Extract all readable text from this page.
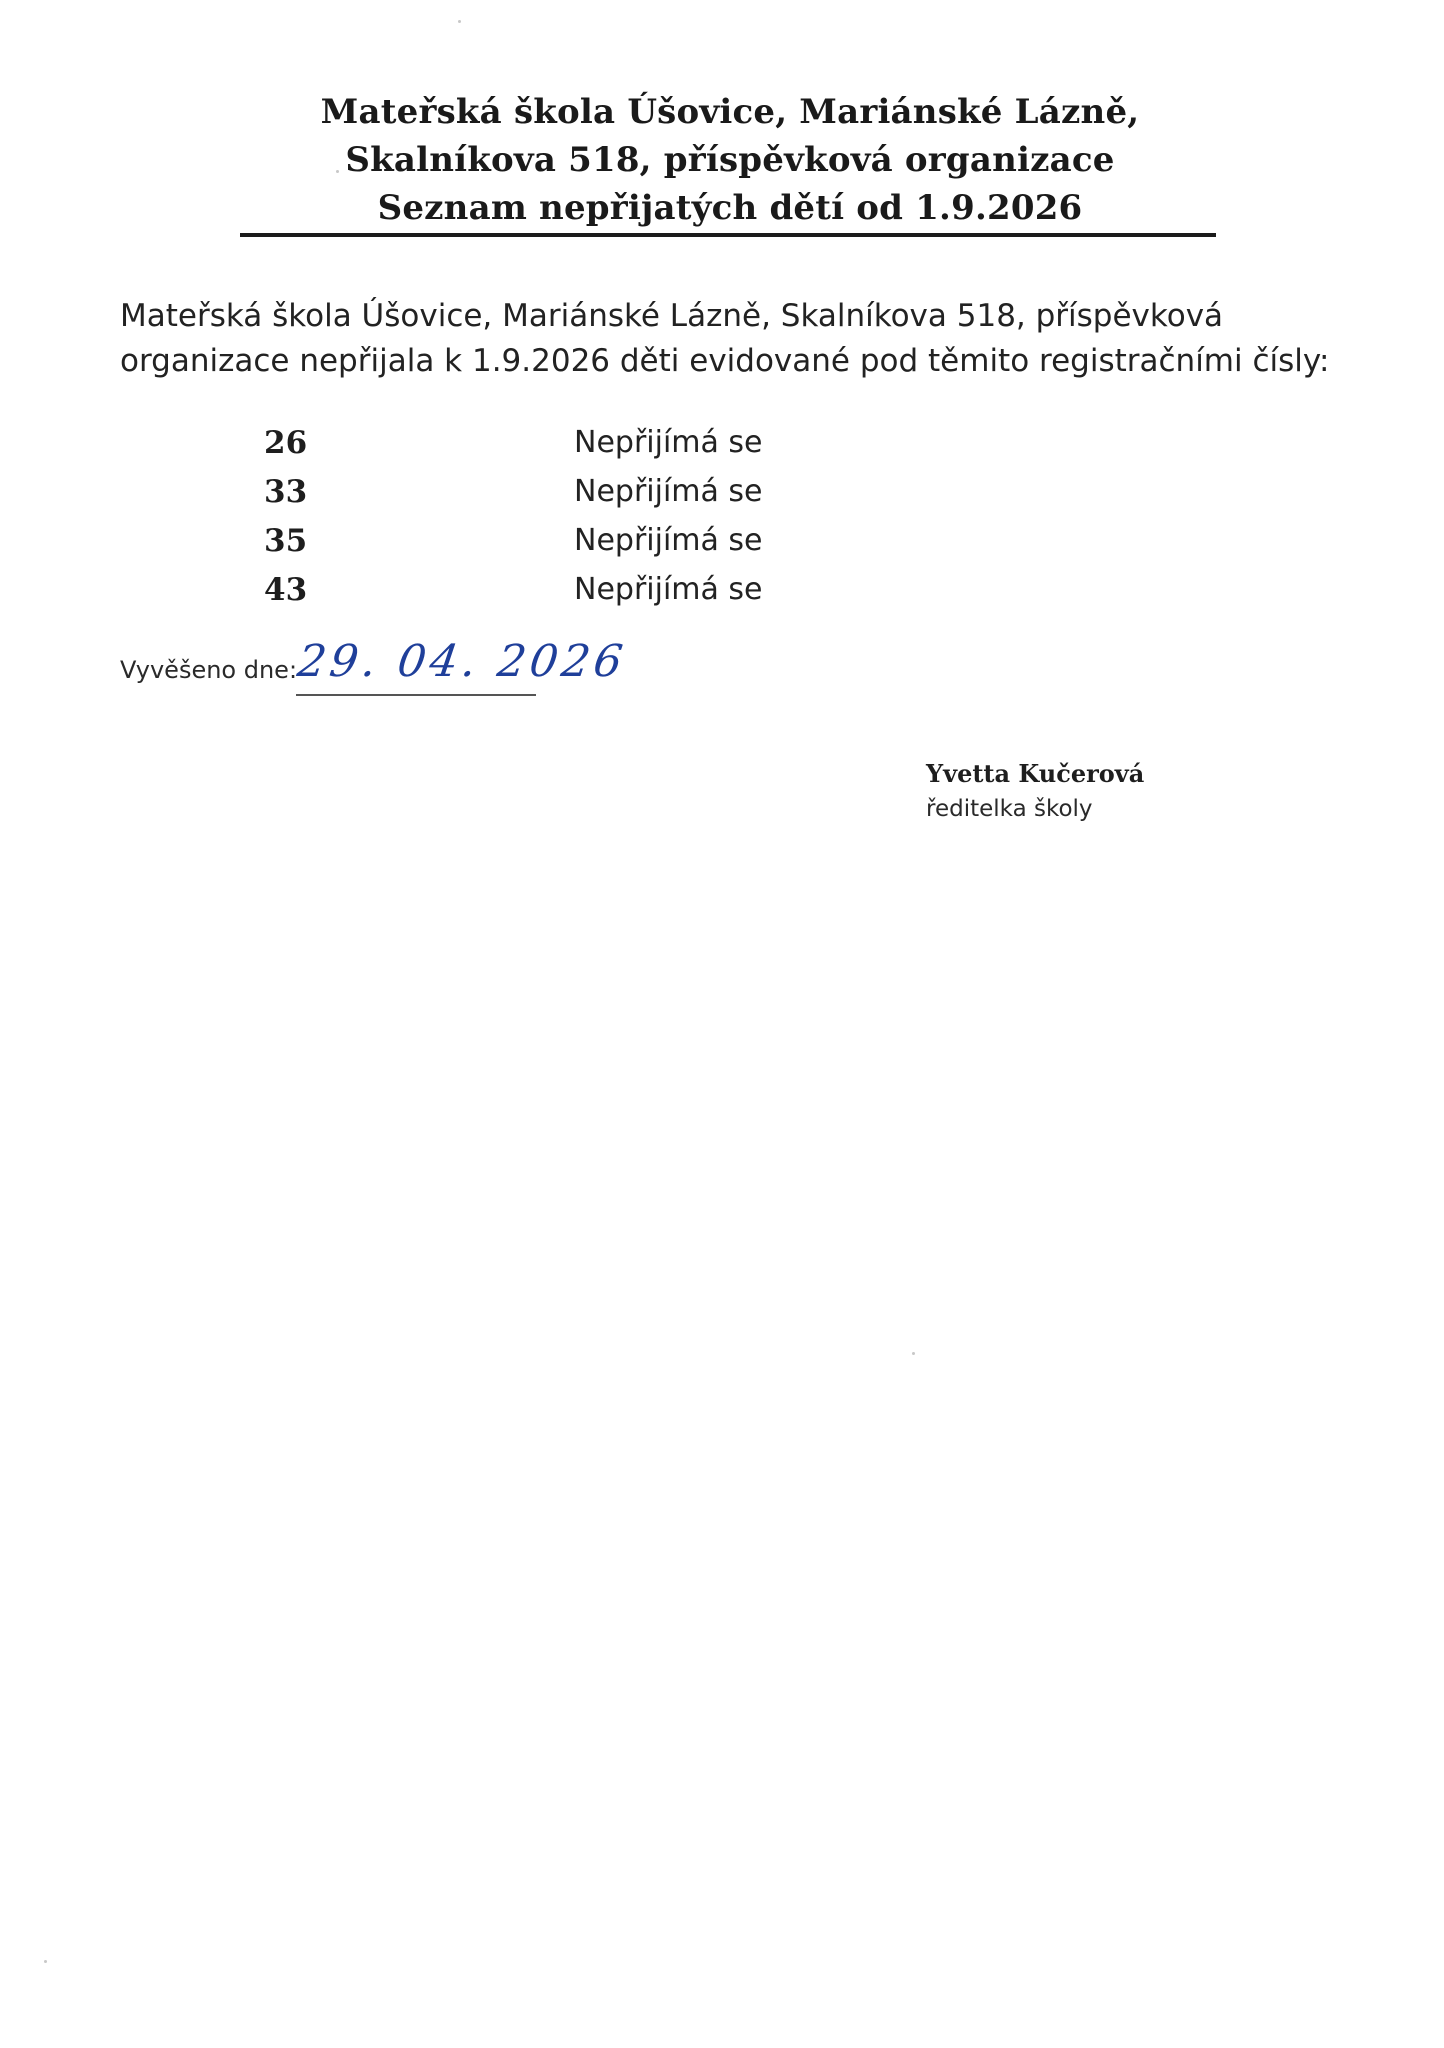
Mateřská škola Úšovice, Mariánské Lázně,
Skalníkova 518, příspěvková organizace
Seznam nepřijatých dětí od 1.9.2026
Mateřská škola Úšovice, Mariánské Lázně, Skalníkova 518, příspěvková
organizace nepřijala k 1.9.2026 děti evidované pod těmito registračními čísly:
26	Nepřijímá se
33	Nepřijímá se
35	Nepřijímá se
43	Nepřijímá se
Vyvěšeno dne:
29. 04. 2026
Yvetta Kučerová
ředitelka školy
